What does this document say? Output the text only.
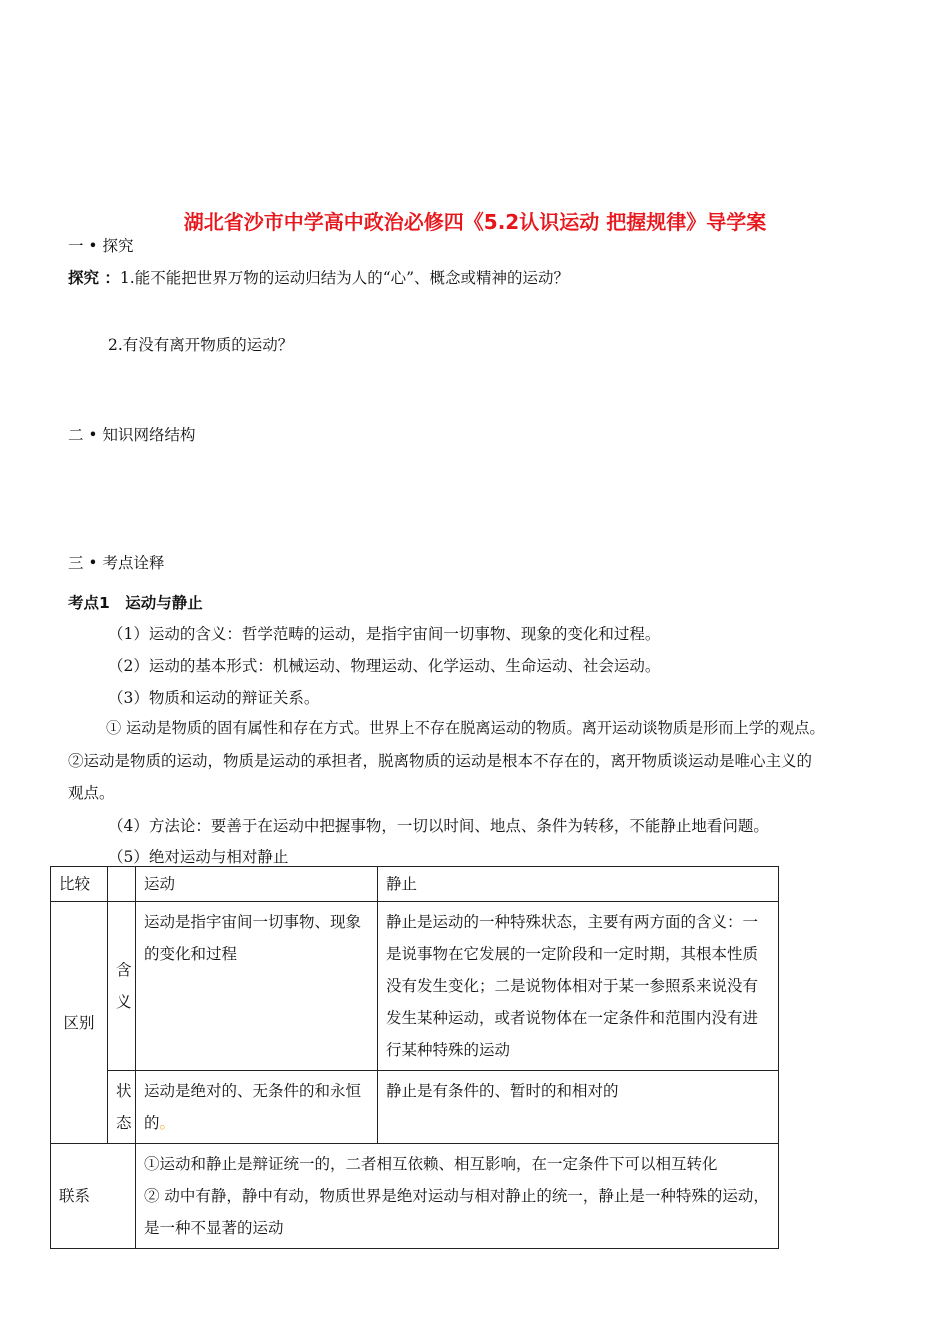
湖北省沙市中学高中政治必修四《5.2认识运动 把握规律》导学案
一 • 探究
探究 ：1.能不能把世界万物的运动归结为人的“心”、概念或精神的运动？
2.有没有离开物质的运动？
二 • 知识网络结构
三 • 考点诠释
考点1　运动与静止
（1）运动的含义：哲学范畴的运动，是指宇宙间一切事物、现象的变化和过程。
（2）运动的基本形式：机械运动、物理运动、化学运动、生命运动、社会运动。
（3）物质和运动的辩证关系。
① 运动是物质的固有属性和存在方式。世界上不存在脱离运动的物质。离开运动谈物质是形而上学的观点。
②运动是物质的运动，物质是运动的承担者，脱离物质的运动是根本不存在的，离开物质谈运动是唯心主义的
观点。
（4）方法论：要善于在运动中把握事物，一切以时间、地点、条件为转移，不能静止地看问题。
（5）绝对运动与相对静止
比较		运动	静止
区别	含义	运动是指宇宙间一切事物、现象的变化和过程	静止是运动的一种特殊状态，主要有两方面的含义：一是说事物在它发展的一定阶段和一定时期，其根本性质没有发生变化；二是说物体相对于某一参照系来说没有发生某种运动，或者说物体在一定条件和范围内没有进行某种特殊的运动
	状态	运动是绝对的、无条件的和永恒的。	静止是有条件的、暂时的和相对的
联系		①运动和静止是辩证统一的，二者相互依赖、相互影响，在一定条件下可以相互转化
② 动中有静，静中有动，物质世界是绝对运动与相对静止的统一，静止是一种特殊的运动，是一种不显著的运动	
